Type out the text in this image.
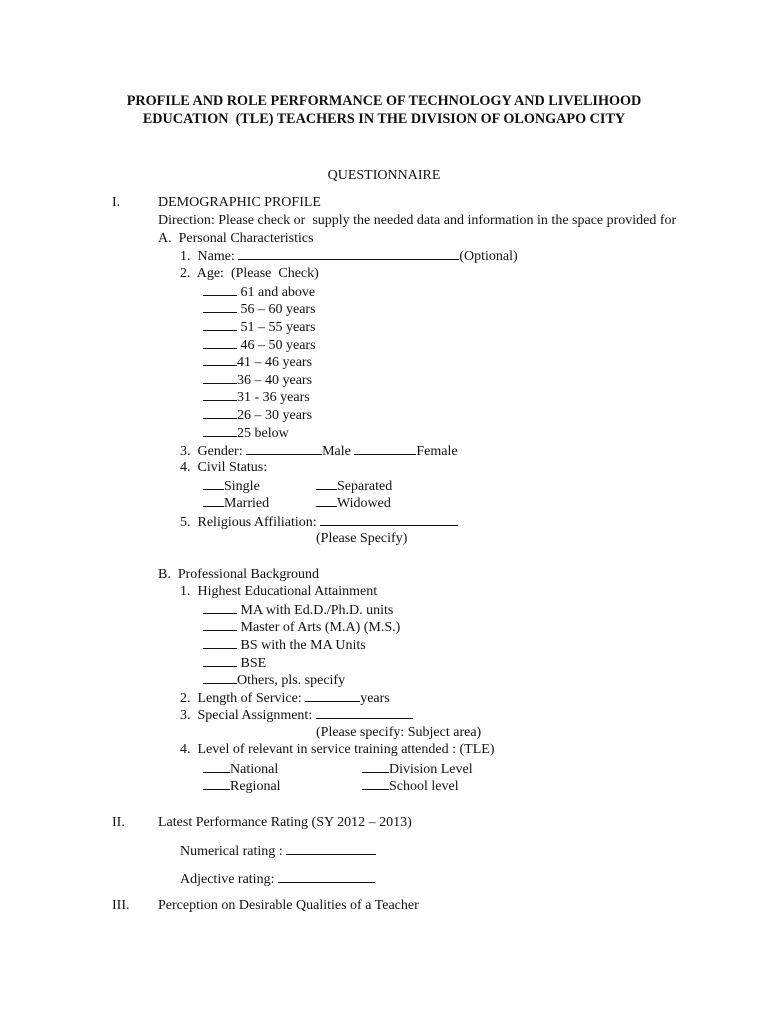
PROFILE AND ROLE PERFORMANCE OF TECHNOLOGY AND LIVELIHOOD
EDUCATION  (TLE) TEACHERS IN THE DIVISION OF OLONGAPO CITY
QUESTIONNAIRE
I.	DEMOGRAPHIC PROFILE
Direction: Please check or  supply the needed data and information in the space provided for
A.  Personal Characteristics
1.  Name:	(Optional)
2.  Age:  (Please  Check)
61 and above
56 – 60 years
51 – 55 years
46 – 50 years
41 – 46 years
36 – 40 years
31 - 36 years
26 – 30 years
25 below
3.  Gender:	Male	Female
4.  Civil Status:
Single	Separated
Married	Widowed
5.  Religious Affiliation:
(Please Specify)
B.  Professional Background
1.  Highest Educational Attainment
MA with Ed.D./Ph.D. units
Master of Arts (M.A) (M.S.)
BS with the MA Units
BSE
Others, pls. specify
2.  Length of Service:	years
3.  Special Assignment:
(Please specify: Subject area)
4.  Level of relevant in service training attended : (TLE)
National	Division Level
Regional	School level
II. Latest Performance Rating (SY 2012 – 2013)
Numerical rating :
Adjective rating:
III. Perception on Desirable Qualities of a Teacher
